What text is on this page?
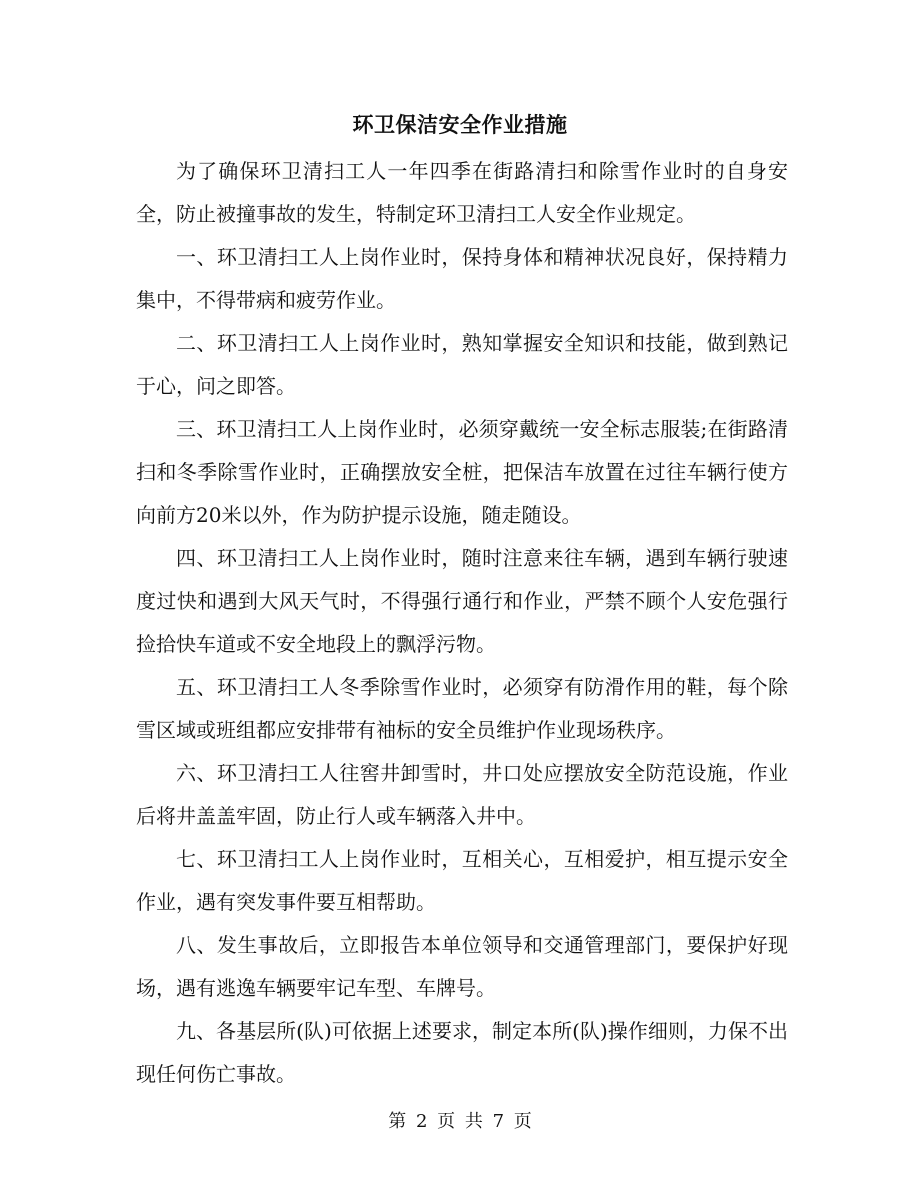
环卫保洁安全作业措施

为了确保环卫清扫工人一年四季在街路清扫和除雪作业时的自身安全，防止被撞事故的发生，特制定环卫清扫工人安全作业规定。

一、环卫清扫工人上岗作业时，保持身体和精神状况良好，保持精力集中，不得带病和疲劳作业。

二、环卫清扫工人上岗作业时，熟知掌握安全知识和技能，做到熟记于心，问之即答。

三、环卫清扫工人上岗作业时，必须穿戴统一安全标志服装;在街路清扫和冬季除雪作业时，正确摆放安全桩，把保洁车放置在过往车辆行使方向前方20米以外，作为防护提示设施，随走随设。

四、环卫清扫工人上岗作业时，随时注意来往车辆，遇到车辆行驶速度过快和遇到大风天气时，不得强行通行和作业，严禁不顾个人安危强行捡拾快车道或不安全地段上的飘浮污物。

五、环卫清扫工人冬季除雪作业时，必须穿有防滑作用的鞋，每个除雪区域或班组都应安排带有袖标的安全员维护作业现场秩序。

六、环卫清扫工人往窖井卸雪时，井口处应摆放安全防范设施，作业后将井盖盖牢固，防止行人或车辆落入井中。

七、环卫清扫工人上岗作业时，互相关心，互相爱护，相互提示安全作业，遇有突发事件要互相帮助。

八、发生事故后，立即报告本单位领导和交通管理部门，要保护好现场，遇有逃逸车辆要牢记车型、车牌号。

九、各基层所(队)可依据上述要求，制定本所(队)操作细则，力保不出现任何伤亡事故。

第 2 页 共 7 页
